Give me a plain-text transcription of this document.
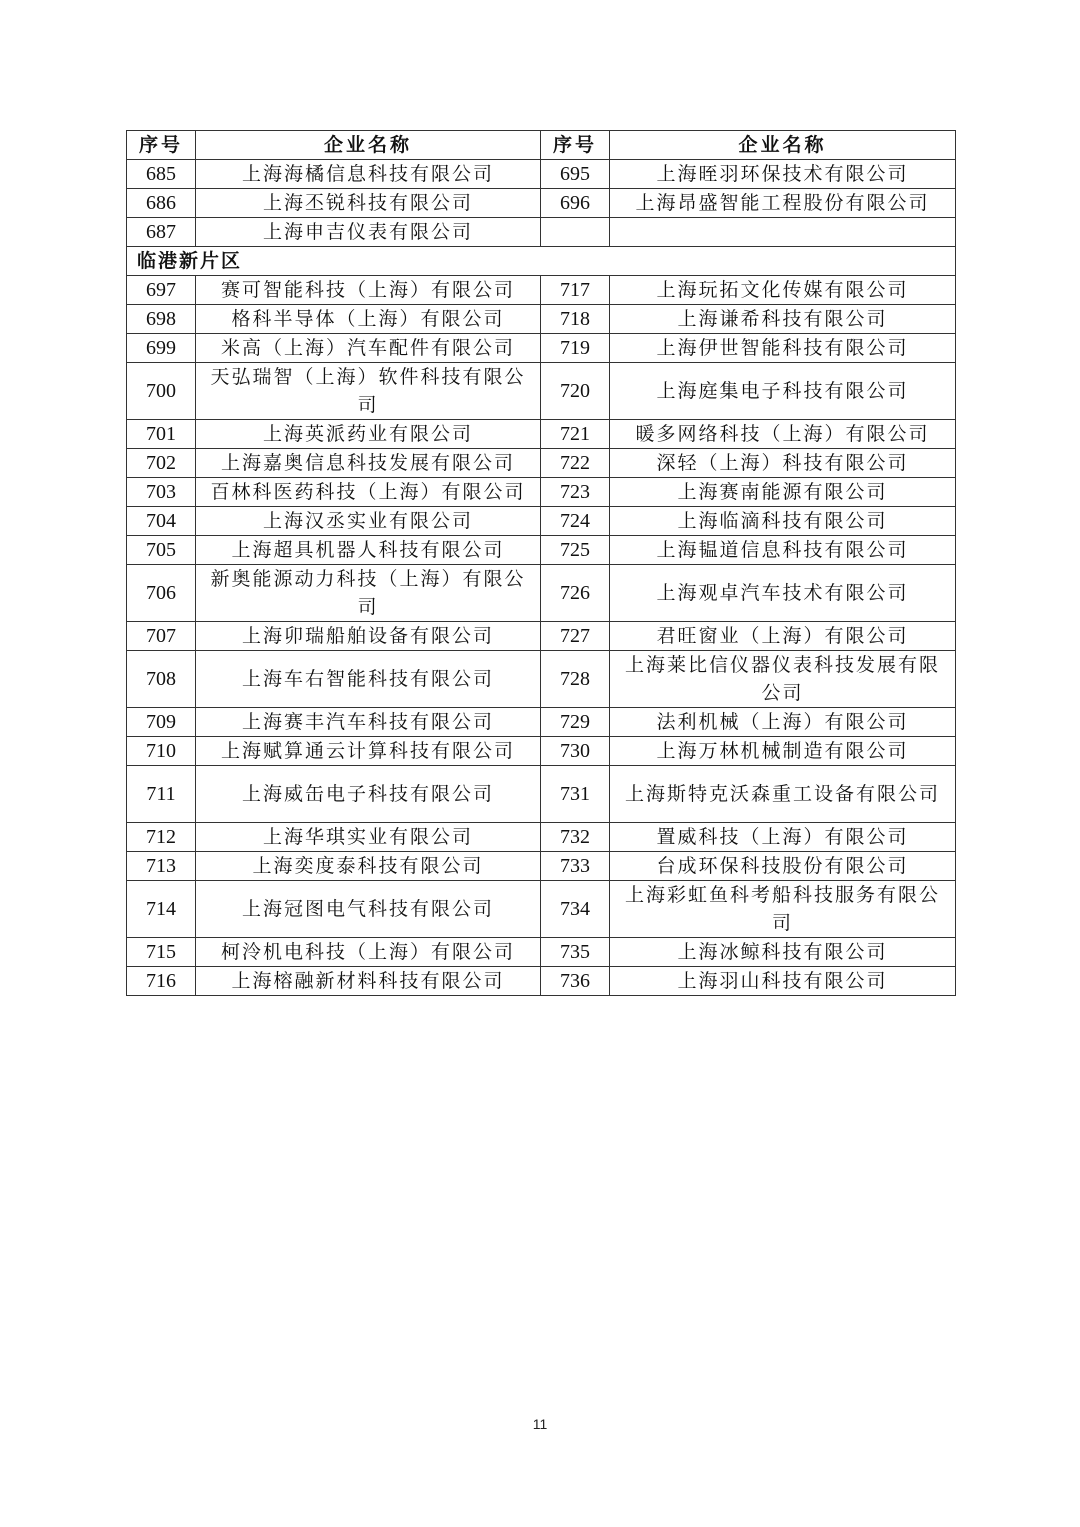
序号	企业名称	序号	企业名称
685	上海海橘信息科技有限公司	695	上海晊羽环保技术有限公司
686	上海丕锐科技有限公司	696	上海昂盛智能工程股份有限公司
687	上海申吉仪表有限公司		
临港新片区			
697	赛可智能科技（上海）有限公司	717	上海玩拓文化传媒有限公司
698	格科半导体（上海）有限公司	718	上海谦希科技有限公司
699	米高（上海）汽车配件有限公司	719	上海伊世智能科技有限公司
700	天弘瑞智（上海）软件科技有限公司	720	上海庭集电子科技有限公司
701	上海英派药业有限公司	721	暖多网络科技（上海）有限公司
702	上海嘉奥信息科技发展有限公司	722	深轻（上海）科技有限公司
703	百林科医药科技（上海）有限公司	723	上海赛南能源有限公司
704	上海汉丞实业有限公司	724	上海临滴科技有限公司
705	上海超具机器人科技有限公司	725	上海韫道信息科技有限公司
706	新奥能源动力科技（上海）有限公司	726	上海观卓汽车技术有限公司
707	上海卯瑞船舶设备有限公司	727	君旺窗业（上海）有限公司
708	上海车右智能科技有限公司	728	上海莱比信仪器仪表科技发展有限公司
709	上海赛丰汽车科技有限公司	729	法利机械（上海）有限公司
710	上海赋算通云计算科技有限公司	730	上海万林机械制造有限公司
711	上海威缶电子科技有限公司	731	上海斯特克沃森重工设备有限公司
712	上海华琪实业有限公司	732	置威科技（上海）有限公司
713	上海奕度泰科技有限公司	733	台成环保科技股份有限公司
714	上海冠图电气科技有限公司	734	上海彩虹鱼科考船科技服务有限公司
715	柯泠机电科技（上海）有限公司	735	上海冰鲸科技有限公司
716	上海榕融新材料科技有限公司	736	上海羽山科技有限公司
11
